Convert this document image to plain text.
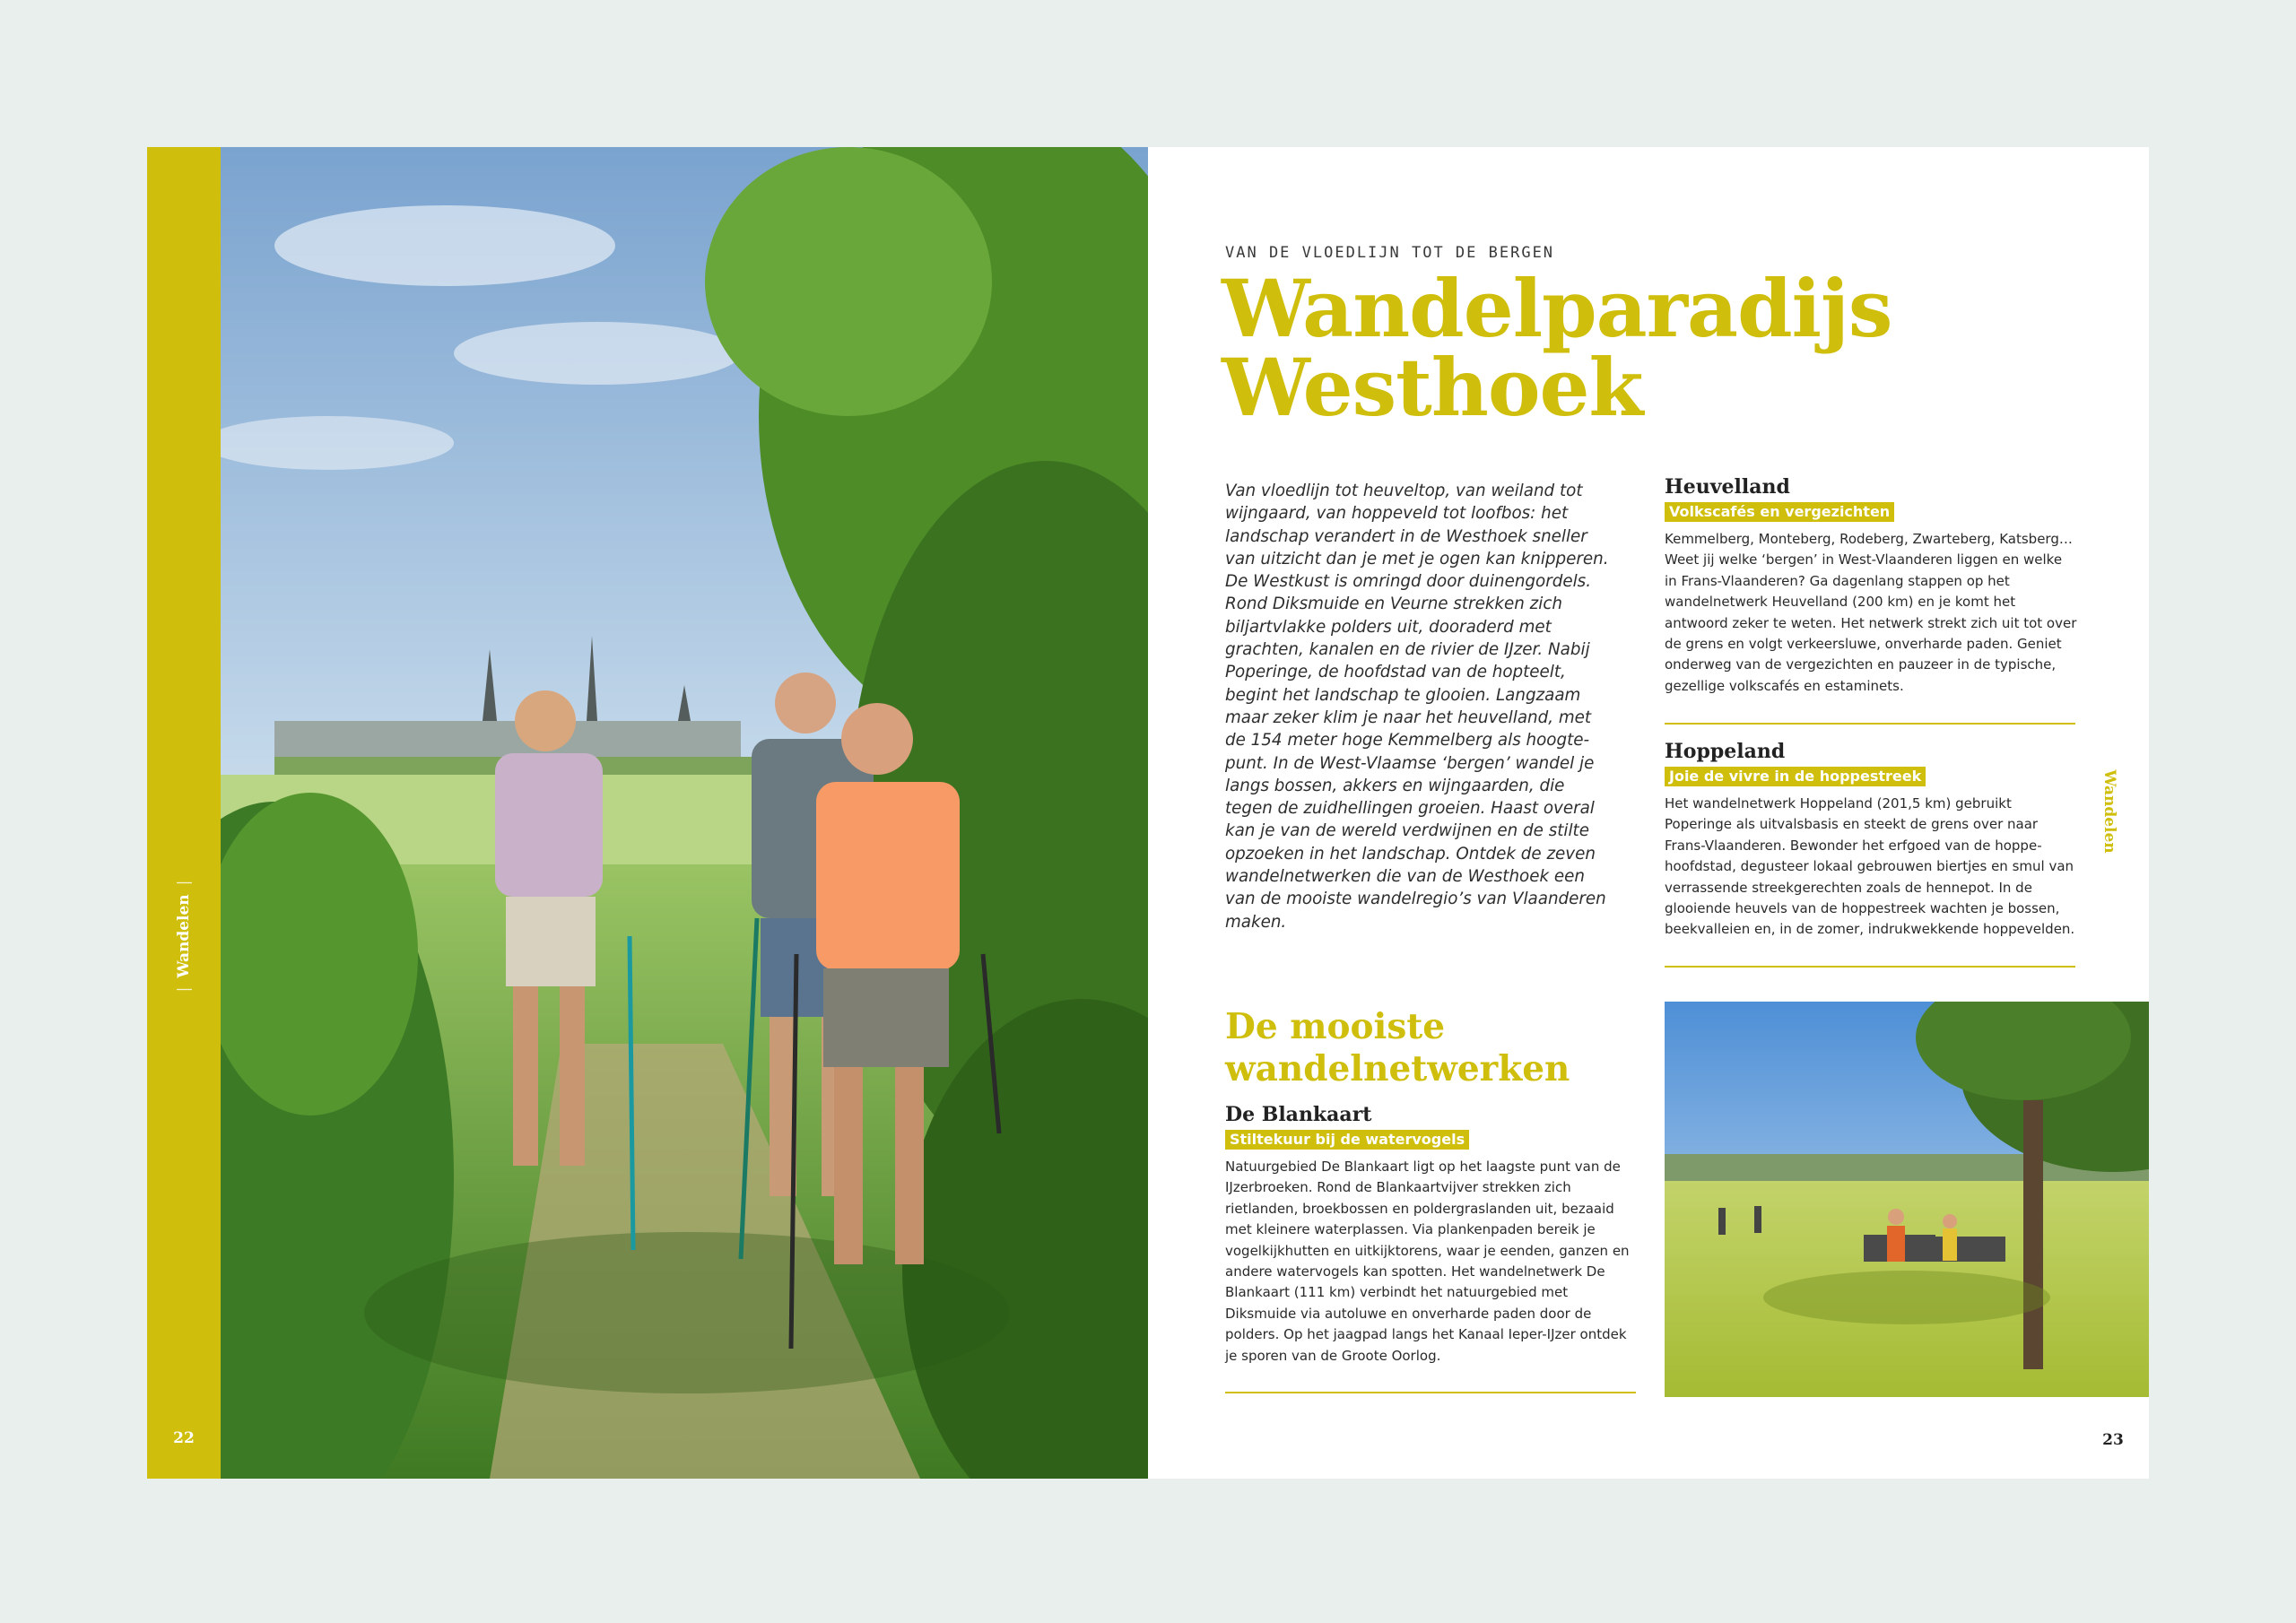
|Wandelen|
22
VAN DE VLOEDLIJN TOT DE BERGEN
Wandelparadijs
Westhoek

Van vloedlijn tot heuveltop, van weiland tot wijngaard, van hoppeveld tot loofbos: het landschap verandert in de Westhoek sneller van uitzicht dan je met je ogen kan knipperen. De Westkust is omringd door duinengordels. Rond Diksmuide en Veurne strekken zich biljartvlakke polders uit, dooraderd met grachten, kanalen en de rivier de IJzer. Nabij Poperinge, de hoofdstad van de hopteelt, begint het landschap te glooien. Langzaam maar zeker klim je naar het heuvelland, met de 154 meter hoge Kemmelberg als hoogtepunt. In de West-Vlaamse ‘bergen’ wandel je langs bossen, akkers en wijngaarden, die tegen de zuidhellingen groeien. Haast overal kan je van de wereld verdwijnen en de stilte opzoeken in het landschap. Ontdek de zeven wandelnetwerken die van de Westhoek een van de mooiste wandelregio’s van Vlaanderen maken.

Heuvelland
Volkscafés en vergezichten

Kemmelberg, Monteberg, Rodeberg, Zwarteberg, Katsberg… Weet jij welke ‘bergen’ in West-Vlaanderen liggen en welke in Frans-Vlaanderen? Ga dagenlang stappen op het wandelnetwerk Heuvelland (200 km) en je komt het antwoord zeker te weten. Het netwerk strekt zich uit tot over de grens en volgt verkeersluwe, onverharde paden. Geniet onderweg van de vergezichten en pauzeer in de typische, gezellige volkscafés en estaminets.

Hoppeland
Joie de vivre in de hoppestreek

Het wandelnetwerk Hoppeland (201,5 km) gebruikt Poperinge als uitvalsbasis en steekt de grens over naar Frans-Vlaanderen. Bewonder het erfgoed van de hoppehoofdstad, degusteer lokaal gebrouwen biertjes en smul van verrassende streekgerechten zoals de hennepot. In de glooiende heuvels van de hoppestreek wachten je bossen, beekvalleien en, in de zomer, indrukwekkende hoppevelden.

De mooiste
wandelnetwerken
De Blankaart
Stiltekuur bij de watervogels

Natuurgebied De Blankaart ligt op het laagste punt van de IJzerbroeken. Rond de Blankaartvijver strekken zich rietlanden, broekbossen en poldergraslanden uit, bezaaid met kleinere waterplassen. Via plankenpaden bereik je vogelkijkhutten en uitkijktorens, waar je eenden, ganzen en andere watervogels kan spotten. Het wandelnetwerk De Blankaart (111 km) verbindt het natuurgebied met Diksmuide via autoluwe en onverharde paden door de polders. Op het jaagpad langs het Kanaal Ieper-IJzer ontdek je sporen van de Groote Oorlog.

Wandelen
23
